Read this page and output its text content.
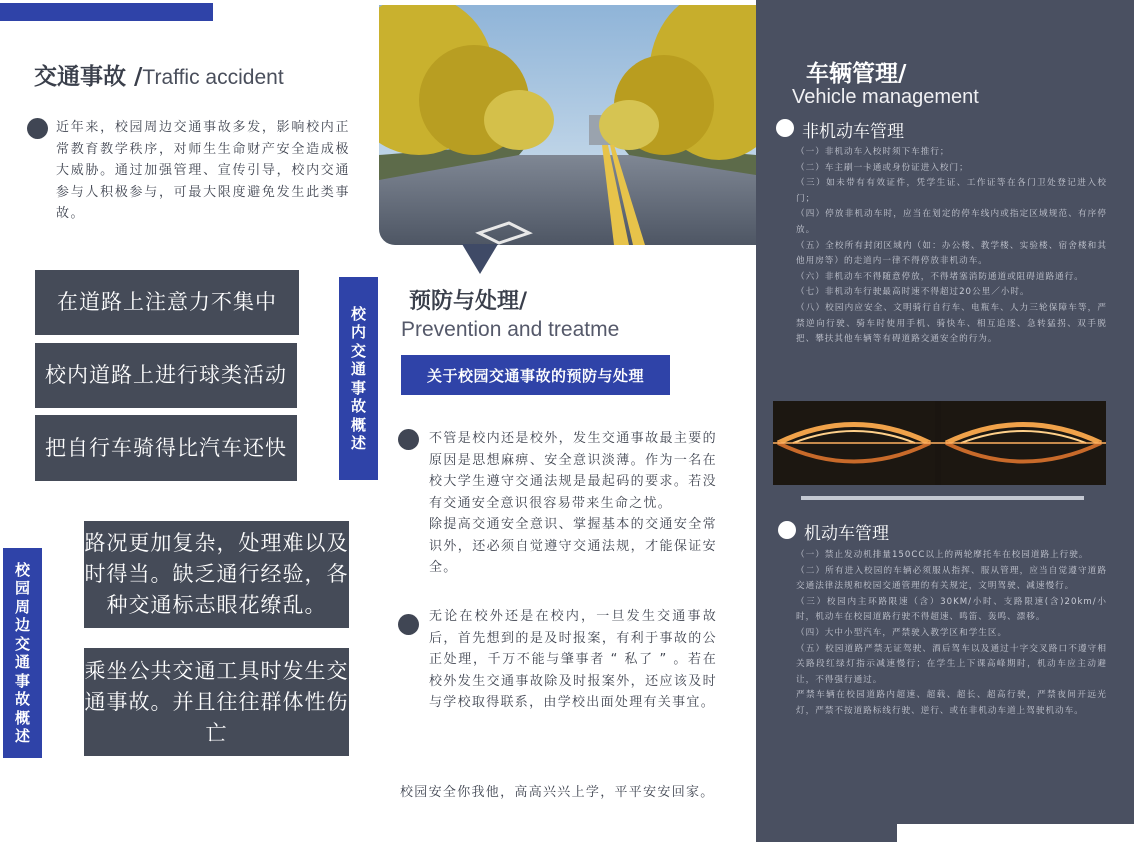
交通事故 /Traffic accident
近年来，校园周边交通事故多发，影响校内正常教育教学秩序，对师生生命财产安全造成极大威胁。通过加强管理、宣传引导，校内交通参与人积极参与，可最大限度避免发生此类事故。
在道路上注意力不集中
校内道路上进行球类活动
把自行车骑得比汽车还快
校
内
交
通
事
故
概
述
路况更加复杂，处理难以及时得当。缺乏通行经验，各种交通标志眼花缭乱。
乘坐公共交通工具时发生交通事故。并且往往群体性伤亡
校
园
周
边
交
通
事
故
概
述
预防与处理/
Prevention and treatme
关于校园交通事故的预防与处理
不管是校内还是校外，发生交通事故最主要的原因是思想麻痹、安全意识淡薄。作为一名在校大学生遵守交通法规是最起码的要求。若没有交通安全意识很容易带来生命之忧。
除提高交通安全意识、掌握基本的交通安全常识外，还必须自觉遵守交通法规，才能保证安全。
无论在校外还是在校内，一旦发生交通事故后，首先想到的是及时报案，有利于事故的公正处理，千万不能与肇事者 “ 私了 ” 。若在校外发生交通事故除及时报案外，还应该及时与学校取得联系，由学校出面处理有关事宜。
校园安全你我他，高高兴兴上学，平平安安回家。
车辆管理/
Vehicle management
非机动车管理
（一）非机动车入校时须下车推行；
（二）车主刷一卡通或身份证进入校门；
（三）如未带有有效证件，凭学生证、工作证等在各门卫处登记进入校门；
（四）停放非机动车时，应当在划定的停车线内或指定区域规范、有序停放。
（五）全校所有封闭区域内（如：办公楼、教学楼、实验楼、宿舍楼和其他用房等）的走道内一律不得停放非机动车。
（六）非机动车不得随意停放，不得堵塞消防通道或阻碍道路通行。
（七）非机动车行驶最高时速不得超过20公里／小时。
（八）校园内应安全、文明骑行自行车、电瓶车、人力三轮保障车等，严禁逆向行驶、骑车时使用手机、骑快车、相互追逐、急转猛拐、双手脱把、攀扶其他车辆等有碍道路交通安全的行为。
机动车管理
（一）禁止发动机排量150CC以上的两轮摩托车在校园道路上行驶。
（二）所有进入校园的车辆必须服从指挥、服从管理，应当自觉遵守道路交通法律法规和校园交通管理的有关规定，文明驾驶、减速慢行。
（三）校园内主环路限速（含）30KM/小时、支路限速(含)20km/小时，机动车在校园道路行驶不得超速、鸣笛、轰鸣、漂移。
（四）大中小型汽车，严禁驶入教学区和学生区。
（五）校园道路严禁无证驾驶、酒后驾车以及通过十字交叉路口不遵守相关路段红绿灯指示减速慢行；在学生上下课高峰期时，机动车应主动避让，不得强行通过。
严禁车辆在校园道路内超速、超载、超长、超高行驶，严禁夜间开远光灯，严禁不按道路标线行驶、逆行、或在非机动车道上驾驶机动车。
